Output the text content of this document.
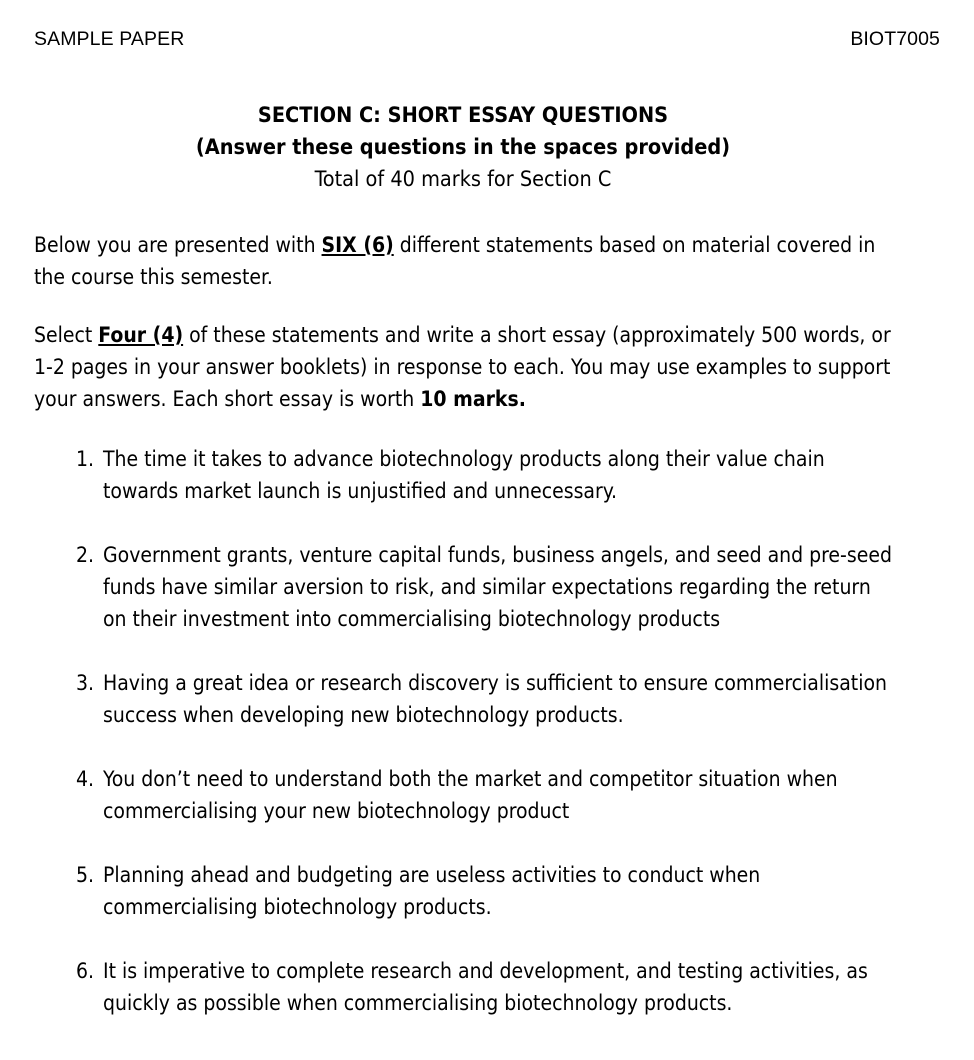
SAMPLE PAPER	BIOT7005
SECTION C: SHORT ESSAY QUESTIONS
(Answer these questions in the spaces provided)
Total of 40 marks for Section C

Below you are presented with SIX (6) different statements based on material covered in the course this semester.

Select Four (4) of these statements and write a short essay (approximately 500 words, or 1-2 pages in your answer booklets) in response to each. You may use examples to support your answers. Each short essay is worth 10 marks.

1. The time it takes to advance biotechnology products along their value chain towards market launch is unjustified and unnecessary.
2. Government grants, venture capital funds, business angels, and seed and pre-seed funds have similar aversion to risk, and similar expectations regarding the return on their investment into commercialising biotechnology products
3. Having a great idea or research discovery is sufficient to ensure commercialisation success when developing new biotechnology products.
4. You don’t need to understand both the market and competitor situation when commercialising your new biotechnology product
5. Planning ahead and budgeting are useless activities to conduct when commercialising biotechnology products.
6. It is imperative to complete research and development, and testing activities, as quickly as possible when commercialising biotechnology products.
